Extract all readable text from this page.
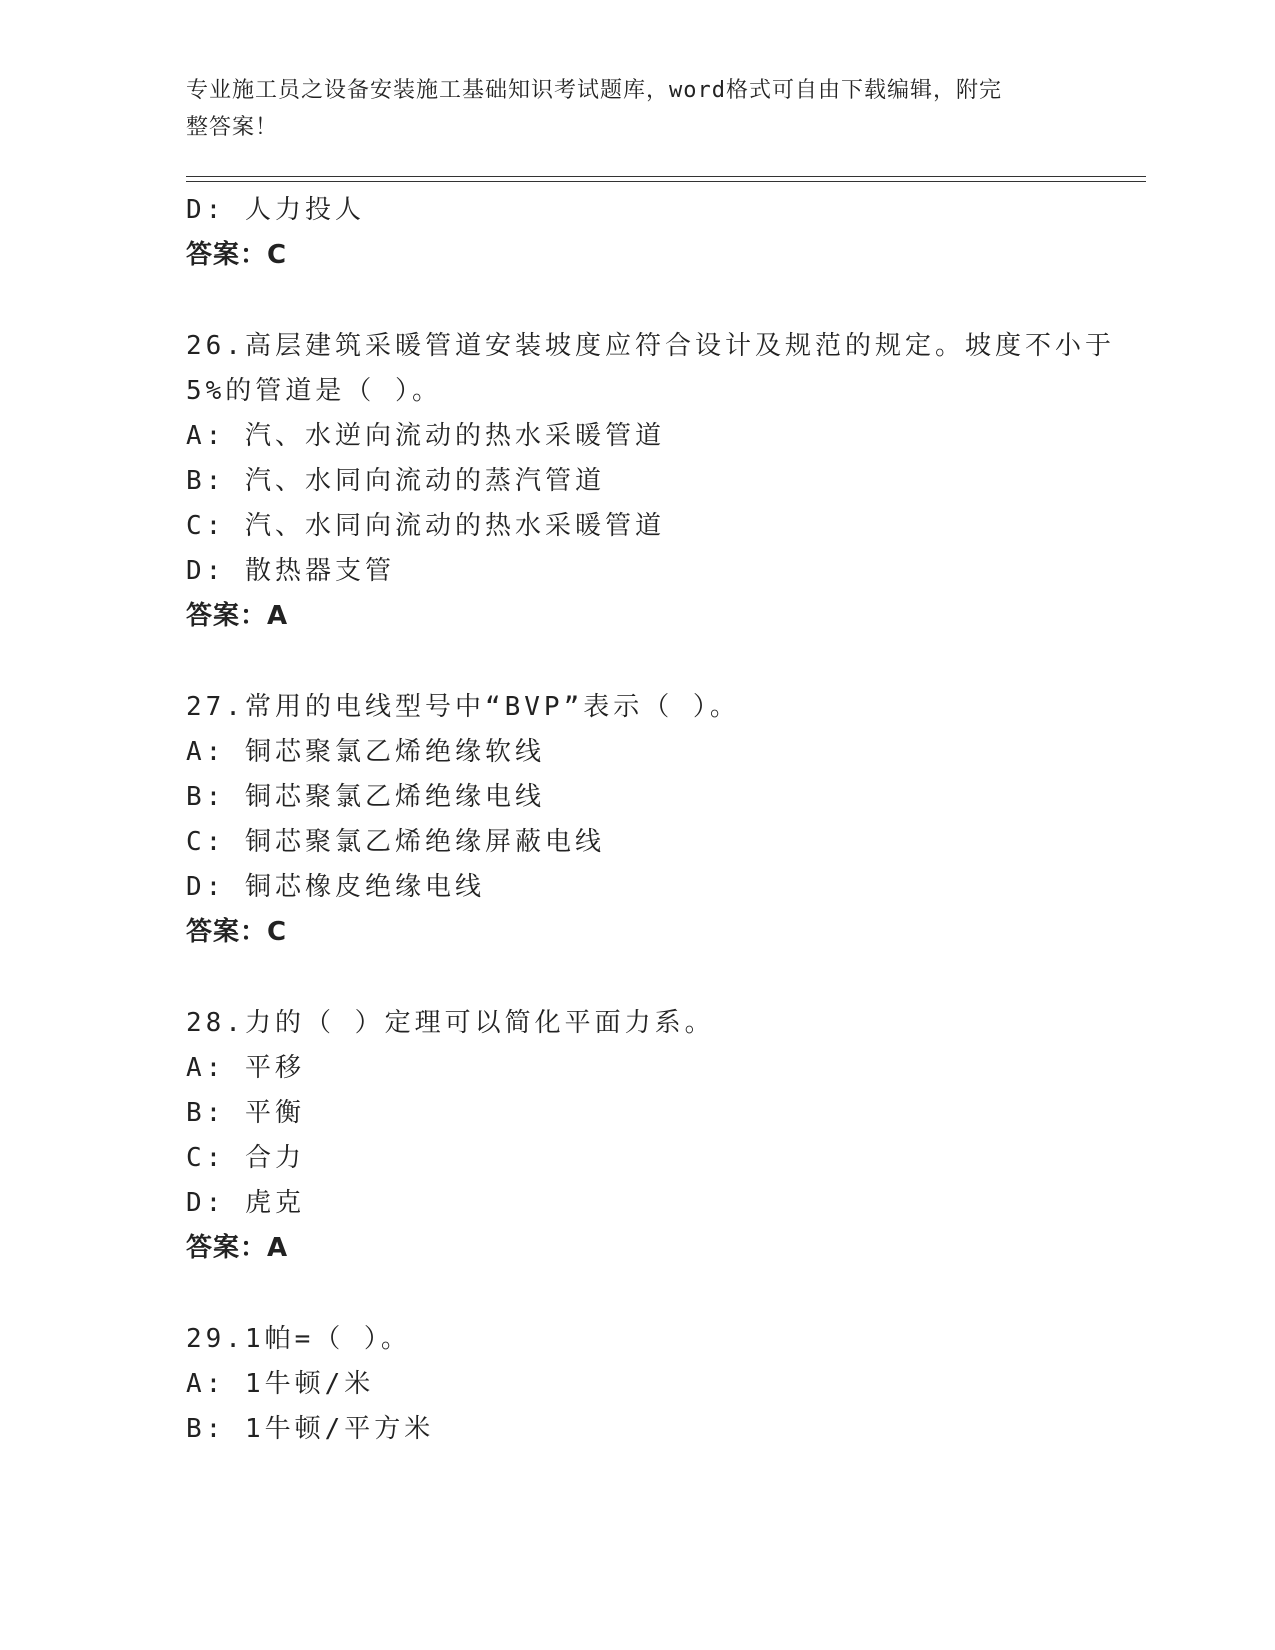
专业施工员之设备安装施工基础知识考试题库，word格式可自由下载编辑，附完
整答案！
D: 人力投人
答案：C
26.高层建筑采暖管道安装坡度应符合设计及规范的规定。坡度不小于
5%的管道是（ ）。
A: 汽、水逆向流动的热水采暖管道
B: 汽、水同向流动的蒸汽管道
C: 汽、水同向流动的热水采暖管道
D: 散热器支管
答案：A
27.常用的电线型号中“BVP”表示（ ）。
A: 铜芯聚氯乙烯绝缘软线
B: 铜芯聚氯乙烯绝缘电线
C: 铜芯聚氯乙烯绝缘屏蔽电线
D: 铜芯橡皮绝缘电线
答案：C
28.力的（ ）定理可以简化平面力系。
A: 平移
B: 平衡
C: 合力
D: 虎克
答案：A
29.1帕=（ ）。
A: 1牛顿/米
B: 1牛顿/平方米
